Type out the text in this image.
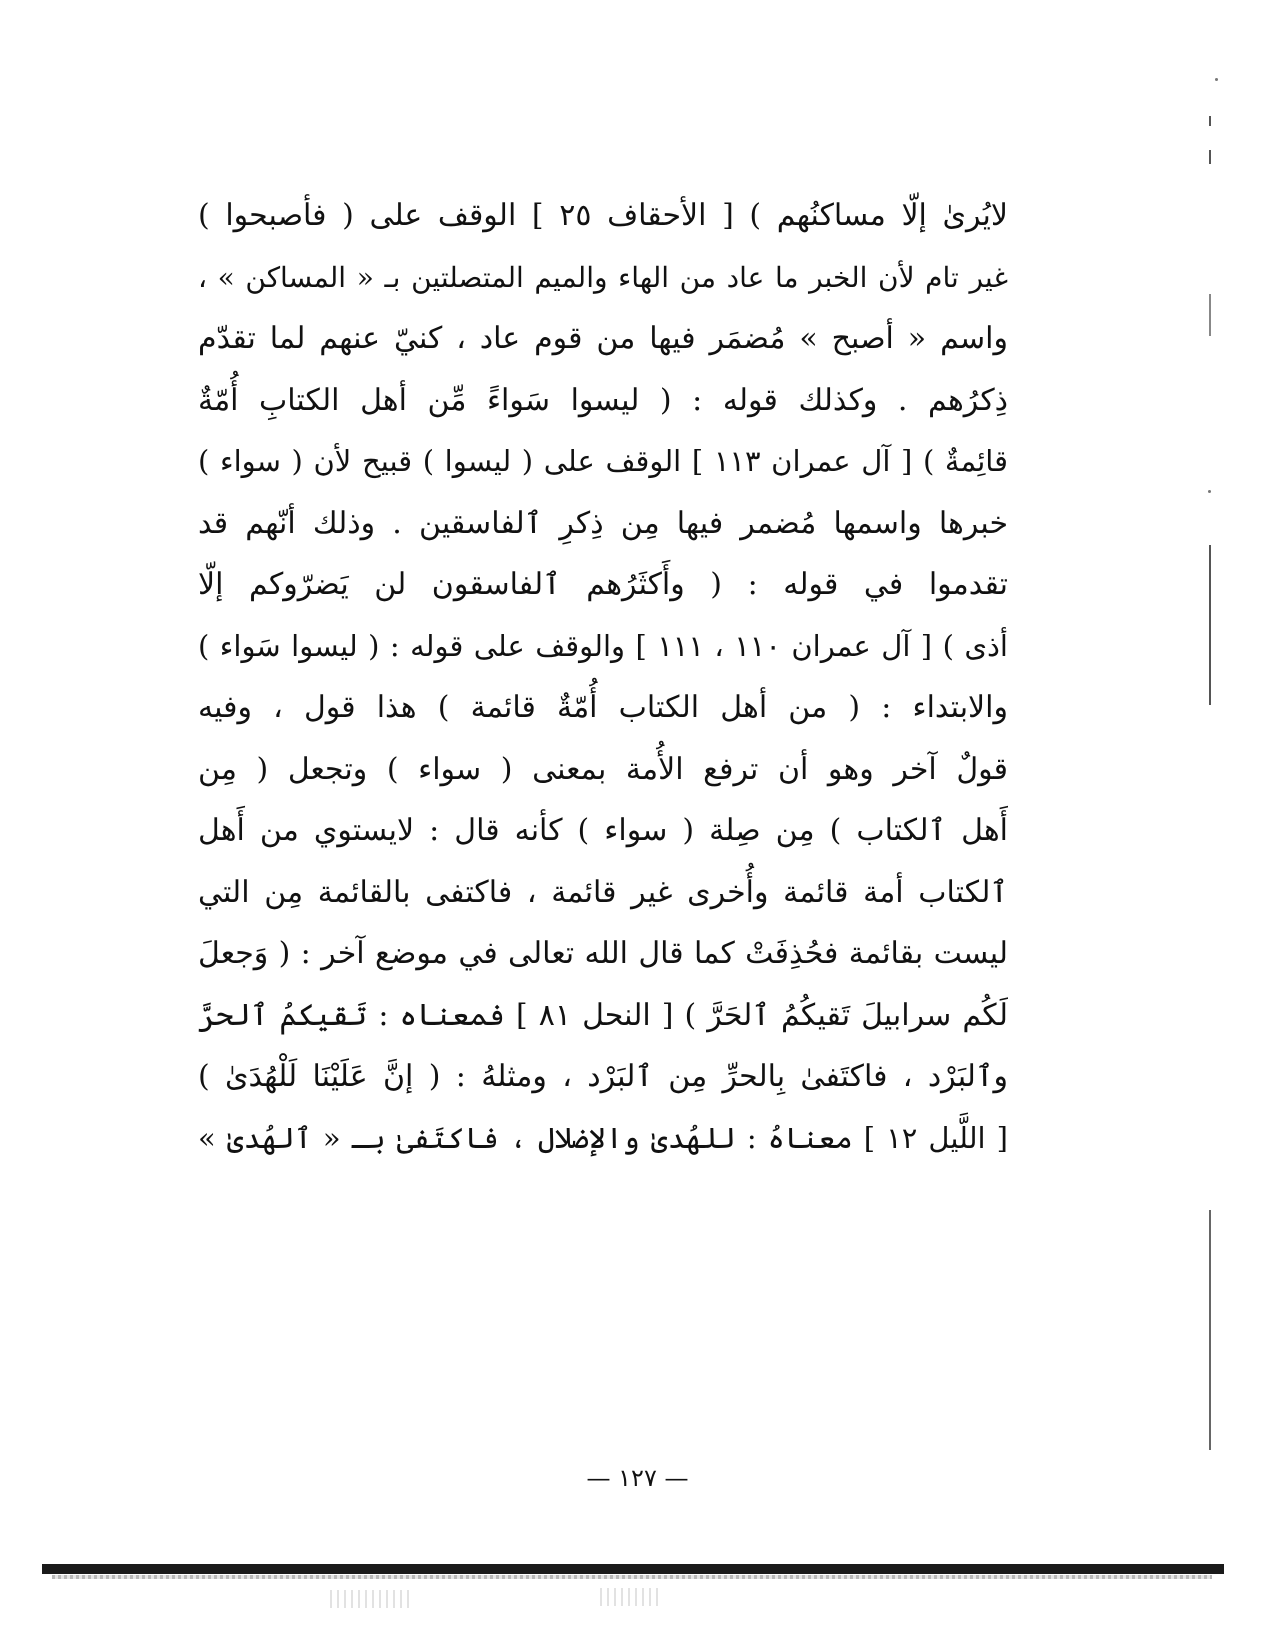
لايُرىٰ إلّا مساكنُهم ) [ الأحقاف ٢٥ ] الوقف على ( فأصبحوا )
غير تام لأن الخبر ما عاد من الهاء والميم المتصلتين بـ « المساكن » ،
واسم « أصبح » مُضمَر فيها من قوم عاد ، كنيّ عنهم لما تقدّم
ذِكرُهم . وكذلك قوله : ( ليسوا سَواءً مِّن أهل الكتابِ أُمّةٌ
قائِمةٌ ) [ آل عمران ١١٣ ] الوقف على ( ليسوا ) قبيح لأن ( سواء )
خبرها واسمها مُضمر فيها مِن ذِكرِ ٱلفاسقين . وذلك أنّهم قد
تقدموا في قوله : ( وأَكثَرُهم ٱلفاسقون لن يَضرّوكم إلّا
أذى ) [ آل عمران ١١٠ ، ١١١ ] والوقف على قوله : ( ليسوا سَواء )
والابتداء : ( من أهل الكتاب أُمّةٌ قائمة ) هذا قول ، وفيه
قولٌ آخر وهو أن ترفع الأُمة بمعنى ( سواء ) وتجعل ( مِن
أَهل ٱلكتاب ) مِن صِلة ( سواء ) كأنه قال : لايستوي من أَهل
ٱلكتاب أمة قائمة وأُخرى غير قائمة ، فاكتفى بالقائمة مِن التي
ليست بقائمة فحُذِفَتْ كما قال الله تعالى في موضع آخر : ( وَجعلَ
لَكُم سرابيلَ تَقيكُمُ ٱلحَرَّ ) [ النحل ٨١ ] فمعناه : تَقيكمُ ٱلحرَّ
وٱلبَرْد ، فاكتَفىٰ بِالحرِّ مِن ٱلبَرْد ، ومثلهُ : ( إنَّ عَلَيْنَا لَلْهُدَىٰ )
[ اللَّيل ١٢ ] معناهُ : للهُدىٰ والإضلال ، فاكتَفىٰ بـ « ٱلهُدىٰ »
— ١٢٧ —
